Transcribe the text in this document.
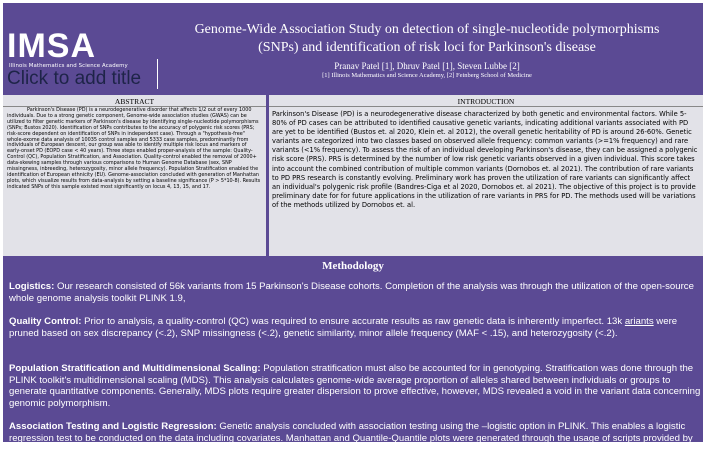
IMSA
Illinois Mathematics and Science Academy
Click to add title
Genome-Wide Association Study on detection of single-nucleotide polymorphisms
(SNPs) and identification of risk loci for Parkinson's disease
Pranav Patel [1], Dhruv Patel [1], Steven Lubbe [2]
[1] Illinois Mathematics and Science Academy, [2] Feinberg School of Medicine
ABSTRACT
Parkinson's Disease (PD) is a neurodegenerative disorder that affects 1/2 out of every 1000 individuals. Due to a strong genetic component, Genome-wide association studies (GWAS) can be utilized to filter genetic markers of Parkinson's disease by identifying single-nucleotide polymorphisms (SNPs; Bustos 2020). Identification of SNPs contributes to the accuracy of polygenic risk scores (PRS; risk-score dependent on identification of SNPs in independent case). Through a "hypothesis-free" whole-exome data analysis of 10035 control samples and 5333 case samples, predominantly from individuals of European descent, our group was able to identify multiple risk locus and markers of early-onset PD (EOPD case < 40 years). Three steps enabled proper-analysis of the sample: Quality-Control (QC), Population Stratification, and Association. Quality-control enabled the removal of 2000+ data-skewing samples through various comparisons to Human Genome Database (sex, SNP missingness, inbreeding, heterozygosity, minor allele frequency). Population Stratification enabled the identification of European ethnicity (EU). Genome-association concluded with generation of Manhattan plots, which visualize results from data-analysis by setting a baseline significance (P > 5*10-8). Results indicated SNPs of this sample existed most significantly on locus 4, 13, 15, and 17.
INTRODUCTION
Parkinson's Disease (PD) is a neurodegenerative disease characterized by both genetic and environmental factors. While 5-80% of PD cases can be attributed to identified causative genetic variants, indicating additional variants associated with PD are yet to be identified (Bustos et. al 2020, Klein et. al 2012), the overall genetic heritability of PD is around 26-60%. Genetic variants are categorized into two classes based on observed allele frequency: common variants (>=1% frequency) and rare variants (<1% frequency). To assess the risk of an individual developing Parkinson's disease, they can be assigned a polygenic risk score (PRS). PRS is determined by the number of low risk genetic variants observed in a given individual. This score takes into account the combined contribution of multiple common variants (Dornobos et. al 2021). The contribution of rare variants to PD PRS research is constantly evolving. Preliminary work has proven the utilization of rare variants can significantly affect an individual's polygenic risk profile (Bandres-Ciga et al 2020, Dornobos et. al 2021). The objective of this project is to provide preliminary date for for future applications in the utilization of rare variants in PRS for PD. The methods used will be variations of the methods utilized by Dornobos et. al.
Methodology
Logistics: Our research consisted of 56k variants from 15 Parkinson's Disease cohorts. Completion of the analysis was through the utilization of the open-source whole genome analysis toolkit PLINK 1.9,
Quality Control: Prior to analysis, a quality-control (QC) was required to ensure accurate results as raw genetic data is inherently imperfect. 13k ariants were pruned based on sex discrepancy (<.2), SNP missingness (<.2), genetic similarity, minor allele frequency (MAF < .15), and heterozygosity (<.2).
Population Stratification and Multidimensional Scaling: Population stratification must also be accounted for in genotyping. Stratification was done through the PLINK toolkit's multidimensional scaling (MDS). This analysis calculates genome-wide average proportion of alleles shared between individuals or groups to generate quantitative components. Generally, MDS plots require greater dispersion to prove effective, however, MDS revealed a void in the variant data concerning genomic polymorphism.
Association Testing and Logistic Regression: Genetic analysis concluded with association testing using the –logistic option in PLINK. This enables a logistic regression test to be conducted on the data including covariates. Manhattan and Quantile-Quantile plots were generated through the usage of scripts provided by Marees et. al. Both plots visualize results from the logistic regression analysis.
